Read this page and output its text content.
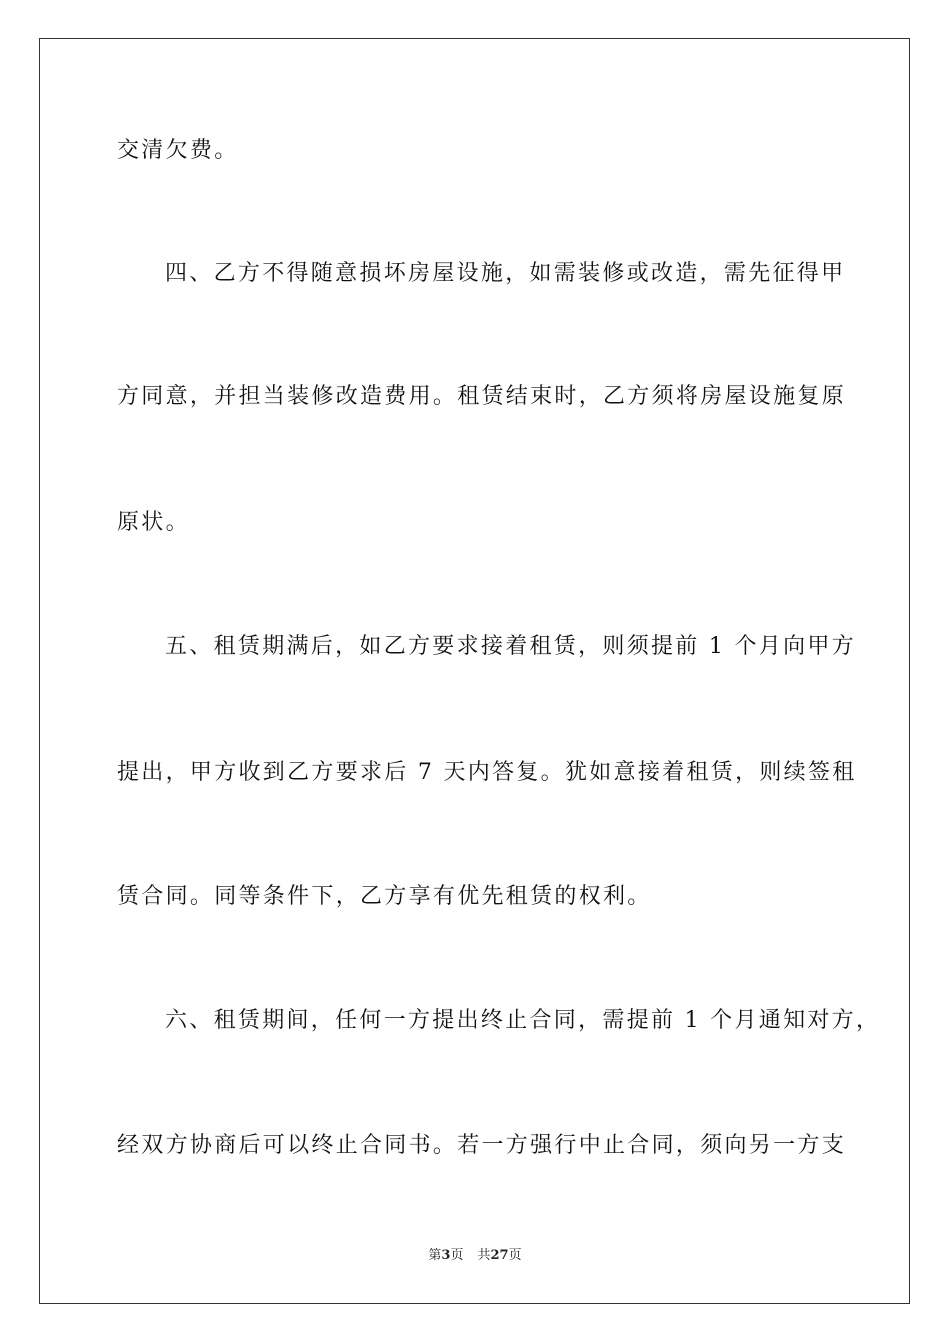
交清欠费。
四、乙方不得随意损坏房屋设施，如需装修或改造，需先征得甲
方同意，并担当装修改造费用。租赁结束时，乙方须将房屋设施复原
原状。
五、租赁期满后，如乙方要求接着租赁，则须提前 1 个月向甲方
提出，甲方收到乙方要求后 7 天内答复。犹如意接着租赁，则续签租
赁合同。同等条件下，乙方享有优先租赁的权利。
六、租赁期间，任何一方提出终止合同，需提前 1 个月通知对方，
经双方协商后可以终止合同书。若一方强行中止合同，须向另一方支
第3页 共27页
